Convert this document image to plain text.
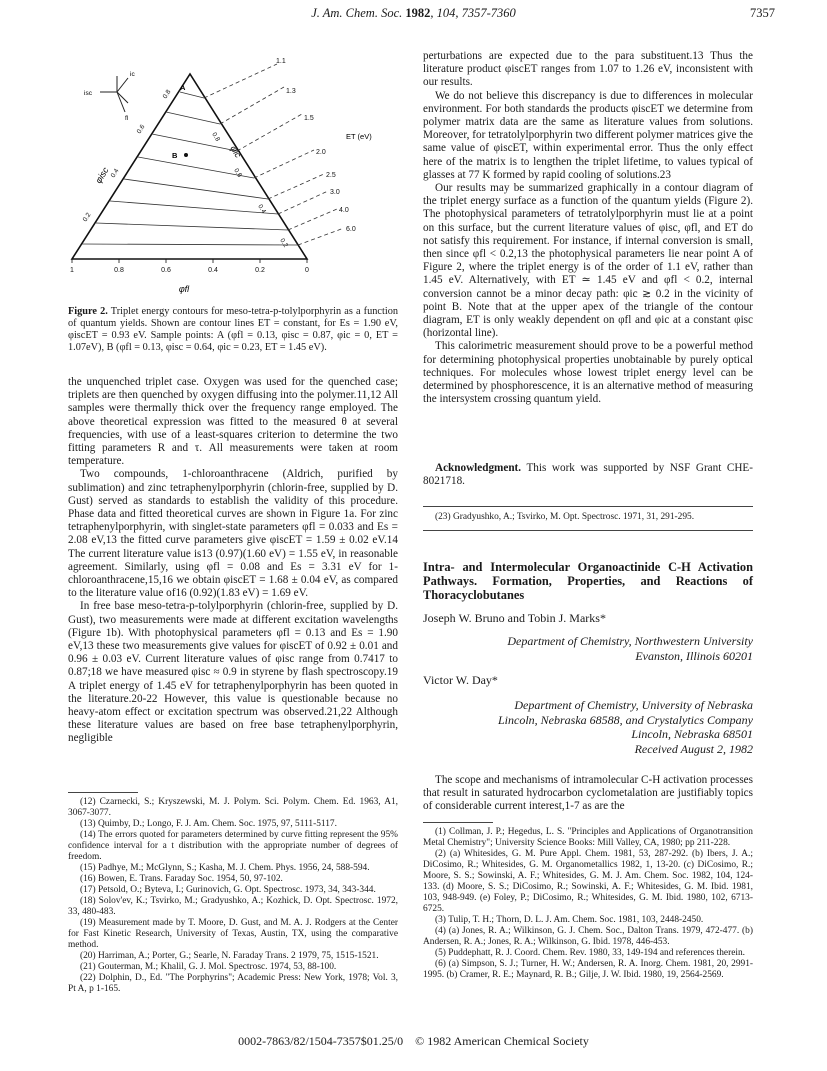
J. Am. Chem. Soc. 1982, 104, 7357-7360	7357
ic
isc
fl
1.1
1.3
1.5
2.0
2.5
3.0
4.0
6.0
ET (eV)
A
B
0.2
0.4
0.6
0.8
φisc
0.8
0.6
0.4
0.2
φic
1	0.8	0.6	0.4	0.2	0
φfl
Figure 2. Triplet energy contours for meso-tetra-p-tolylporphyrin as a function of quantum yields. Shown are contour lines ET = constant, for Es = 1.90 eV, φiscET = 0.93 eV. Sample points: A (φfl = 0.13, φisc = 0.87, φic = 0, ET = 1.07eV), B (φfl = 0.13, φisc = 0.64, φic = 0.23, ET = 1.45 eV).

the unquenched triplet case. Oxygen was used for the quenched case; triplets are then quenched by oxygen diffusing into the polymer.11,12 All samples were thermally thick over the frequency range employed. The above theoretical expression was fitted to the measured θ at several frequencies, with use of a least-squares criterion to determine the two fitting parameters R and τ. All measurements were taken at room temperature.

Two compounds, 1-chloroanthracene (Aldrich, purified by sublimation) and zinc tetraphenylporphyrin (chlorin-free, supplied by D. Gust) served as standards to establish the validity of this procedure. Phase data and fitted theoretical curves are shown in Figure 1a. For zinc tetraphenylporphyrin, with singlet-state parameters φfl = 0.033 and Es = 2.08 eV,13 the fitted curve parameters give φiscET = 1.59 ± 0.02 eV.14 The current literature value is13 (0.97)(1.60 eV) = 1.55 eV, in reasonable agreement. Similarly, using φfl = 0.08 and Es = 3.31 eV for 1-chloroanthracene,15,16 we obtain φiscET = 1.68 ± 0.04 eV, as compared to the literature value of16 (0.92)(1.83 eV) = 1.69 eV.

In free base meso-tetra-p-tolylporphyrin (chlorin-free, supplied by D. Gust), two measurements were made at different excitation wavelengths (Figure 1b). With photophysical parameters φfl = 0.13 and Es = 1.90 eV,13 these two measurements give values for φiscET of 0.92 ± 0.01 and 0.96 ± 0.03 eV. Current literature values of φisc range from 0.7417 to 0.87;18 we have measured φisc ≈ 0.9 in styrene by flash spectroscopy.19 A triplet energy of 1.45 eV for tetraphenylporphyrin has been quoted in the literature.20-22 However, this value is questionable because no heavy-atom effect or excitation spectrum was observed.21,22 Although these literature values are based on free base tetraphenylporphyrin, negligible

(12) Czarnecki, S.; Kryszewski, M. J. Polym. Sci. Polym. Chem. Ed. 1963, A1, 3067-3077.
(13) Quimby, D.; Longo, F. J. Am. Chem. Soc. 1975, 97, 5111-5117.
(14) The errors quoted for parameters determined by curve fitting represent the 95% confidence interval for a t distribution with the appropriate number of degrees of freedom.
(15) Padhye, M.; McGlynn, S.; Kasha, M. J. Chem. Phys. 1956, 24, 588-594.
(16) Bowen, E. Trans. Faraday Soc. 1954, 50, 97-102.
(17) Petsold, O.; Byteva, I.; Gurinovich, G. Opt. Spectrosc. 1973, 34, 343-344.
(18) Solov'ev, K.; Tsvirko, M.; Gradyushko, A.; Kozhick, D. Opt. Spectrosc. 1972, 33, 480-483.
(19) Measurement made by T. Moore, D. Gust, and M. A. J. Rodgers at the Center for Fast Kinetic Research, University of Texas, Austin, TX, using the comparative method.
(20) Harriman, A.; Porter, G.; Searle, N. Faraday Trans. 2 1979, 75, 1515-1521.
(21) Gouterman, M.; Khalil, G. J. Mol. Spectrosc. 1974, 53, 88-100.
(22) Dolphin, D., Ed. "The Porphyrins"; Academic Press: New York, 1978; Vol. 3, Pt A, p 1-165.

perturbations are expected due to the para substituent.13 Thus the literature product φiscET ranges from 1.07 to 1.26 eV, inconsistent with our results.

We do not believe this discrepancy is due to differences in molecular environment. For both standards the products φiscET we determine from polymer matrix data are the same as literature values from solutions. Moreover, for tetratolylporphyrin two different polymer matrices give the same value of φiscET, within experimental error. Thus the only effect here of the matrix is to lengthen the triplet lifetime, to values typical of glasses at 77 K formed by rapid cooling of solutions.23

Our results may be summarized graphically in a contour diagram of the triplet energy surface as a function of the quantum yields (Figure 2). The photophysical parameters of tetratolylporphyrin must lie at a point on this surface, but the current literature values of φisc, φfl, and ET do not satisfy this requirement. For instance, if internal conversion is small, then since φfl < 0.2,13 the photophysical parameters lie near point A of Figure 2, where the triplet energy is of the order of 1.1 eV, rather than 1.45 eV. Alternatively, with ET ≃ 1.45 eV and φfl < 0.2, internal conversion cannot be a minor decay path: φic ≳ 0.2 in the vicinity of point B. Note that at the upper apex of the triangle of the contour diagram, ET is only weakly dependent on φfl and φic at a constant φisc (horizontal line).

This calorimetric measurement should prove to be a powerful method for determining photophysical properties unobtainable by purely optical techniques. For molecules whose lowest triplet energy level can be determined by phosphorescence, it is an alternative method of measuring the intersystem crossing quantum yield.

Acknowledgment. This work was supported by NSF Grant CHE-8021718.

(23) Gradyushko, A.; Tsvirko, M. Opt. Spectrosc. 1971, 31, 291-295.
Intra- and Intermolecular Organoactinide C-H Activation Pathways. Formation, Properties, and Reactions of Thoracyclobutanes
Joseph W. Bruno and Tobin J. Marks*
Department of Chemistry, Northwestern University
Evanston, Illinois 60201
Victor W. Day*
Department of Chemistry, University of Nebraska
Lincoln, Nebraska 68588, and Crystalytics Company
Lincoln, Nebraska 68501
Received August 2, 1982

The scope and mechanisms of intramolecular C-H activation processes that result in saturated hydrocarbon cyclometalation are justifiably topics of considerable current interest,1-7 as are the

(1) Collman, J. P.; Hegedus, L. S. "Principles and Applications of Organotransition Metal Chemistry"; University Science Books: Mill Valley, CA, 1980; pp 211-228.
(2) (a) Whitesides, G. M. Pure Appl. Chem. 1981, 53, 287-292. (b) Ibers, J. A.; DiCosimo, R.; Whitesides, G. M. Organometallics 1982, 1, 13-20. (c) DiCosimo, R.; Moore, S. S.; Sowinski, A. F.; Whitesides, G. M. J. Am. Chem. Soc. 1982, 104, 124-133. (d) Moore, S. S.; DiCosimo, R.; Sowinski, A. F.; Whitesides, G. M. Ibid. 1981, 103, 948-949. (e) Foley, P.; DiCosimo, R.; Whitesides, G. M. Ibid. 1980, 102, 6713-6725.
(3) Tulip, T. H.; Thorn, D. L. J. Am. Chem. Soc. 1981, 103, 2448-2450.
(4) (a) Jones, R. A.; Wilkinson, G. J. Chem. Soc., Dalton Trans. 1979, 472-477. (b) Andersen, R. A.; Jones, R. A.; Wilkinson, G. Ibid. 1978, 446-453.
(5) Puddephatt, R. J. Coord. Chem. Rev. 1980, 33, 149-194 and references therein.
(6) (a) Simpson, S. J.; Turner, H. W.; Andersen, R. A. Inorg. Chem. 1981, 20, 2991-1995. (b) Cramer, R. E.; Maynard, R. B.; Gilje, J. W. Ibid. 1980, 19, 2564-2569.
0002-7863/82/1504-7357$01.25/0 © 1982 American Chemical Society
